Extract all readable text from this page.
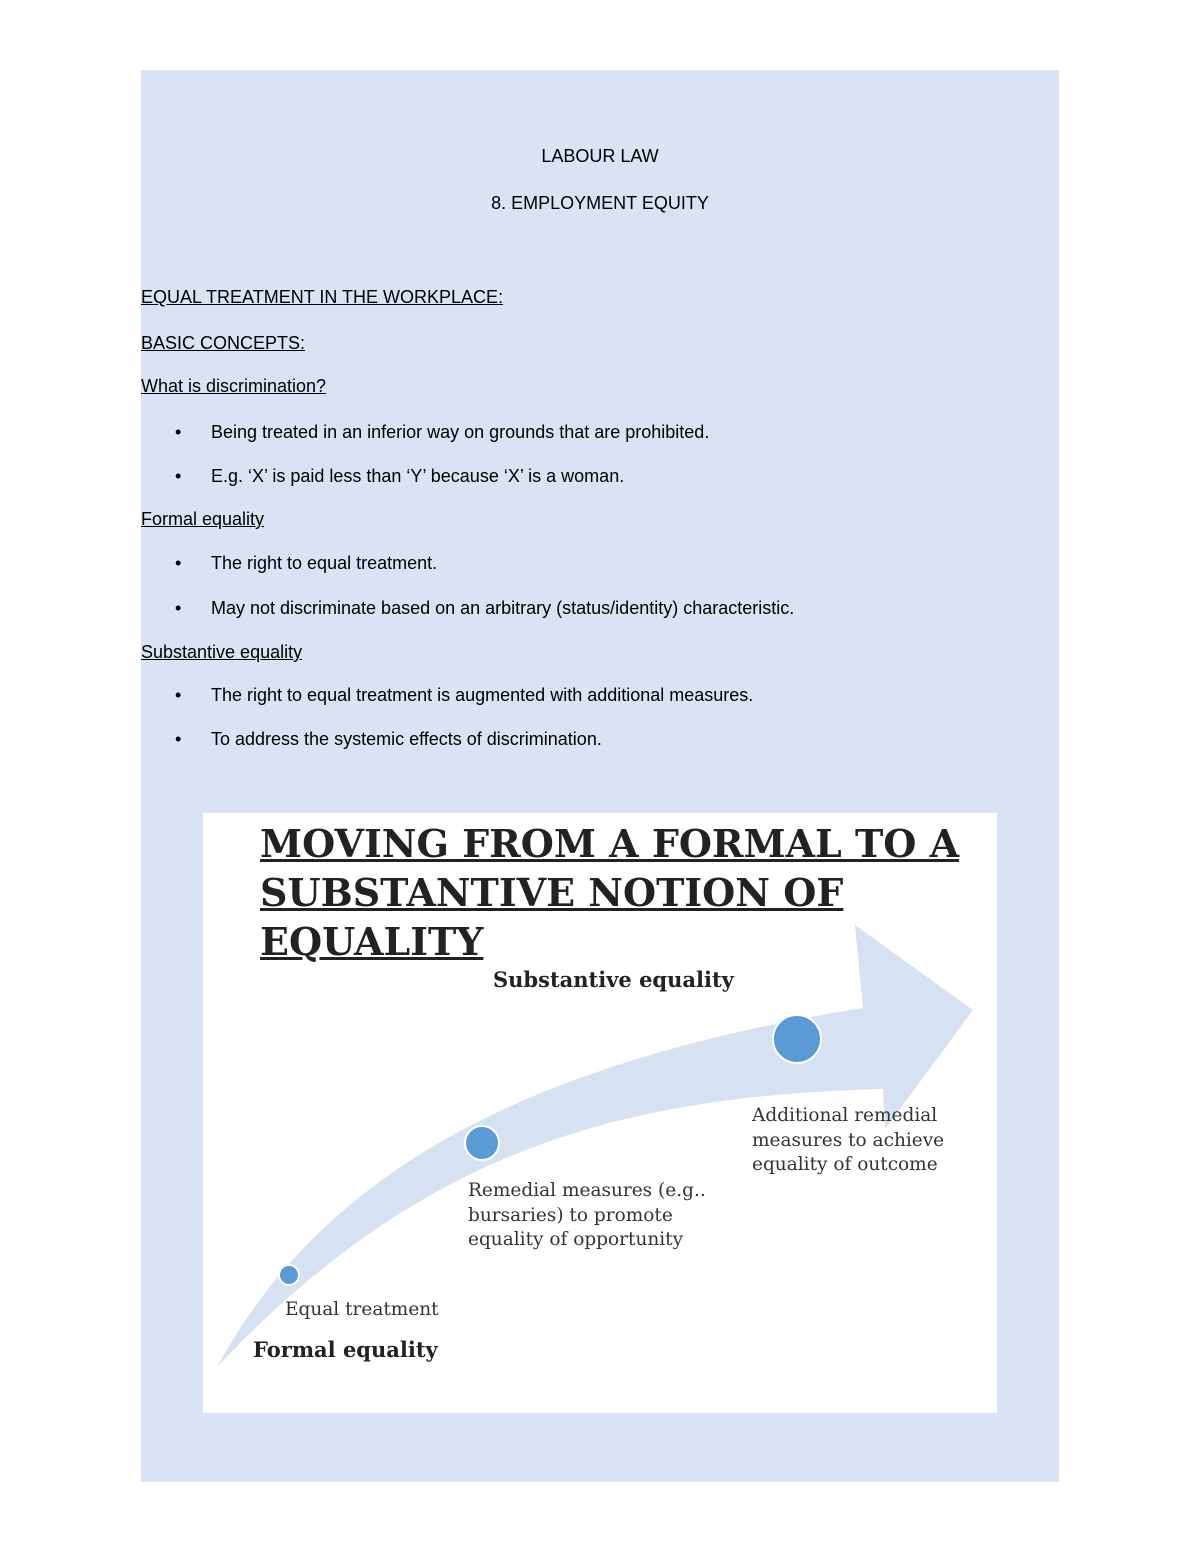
LABOUR LAW
8. EMPLOYMENT EQUITY
EQUAL TREATMENT IN THE WORKPLACE:
BASIC CONCEPTS:
What is discrimination?
• Being treated in an inferior way on grounds that are prohibited.
• E.g. ‘X’ is paid less than ‘Y’ because ‘X’ is a woman.
Formal equality
• The right to equal treatment.
• May not discriminate based on an arbitrary (status/identity) characteristic.
Substantive equality
• The right to equal treatment is augmented with additional measures.
• To address the systemic effects of discrimination.
MOVING FROM A FORMAL TO A
SUBSTANTIVE NOTION OF
EQUALITY
Substantive equality
Additional remedial
measures to achieve
equality of outcome
Remedial measures (e.g..
bursaries) to promote
equality of opportunity
Equal treatment
Formal equality
